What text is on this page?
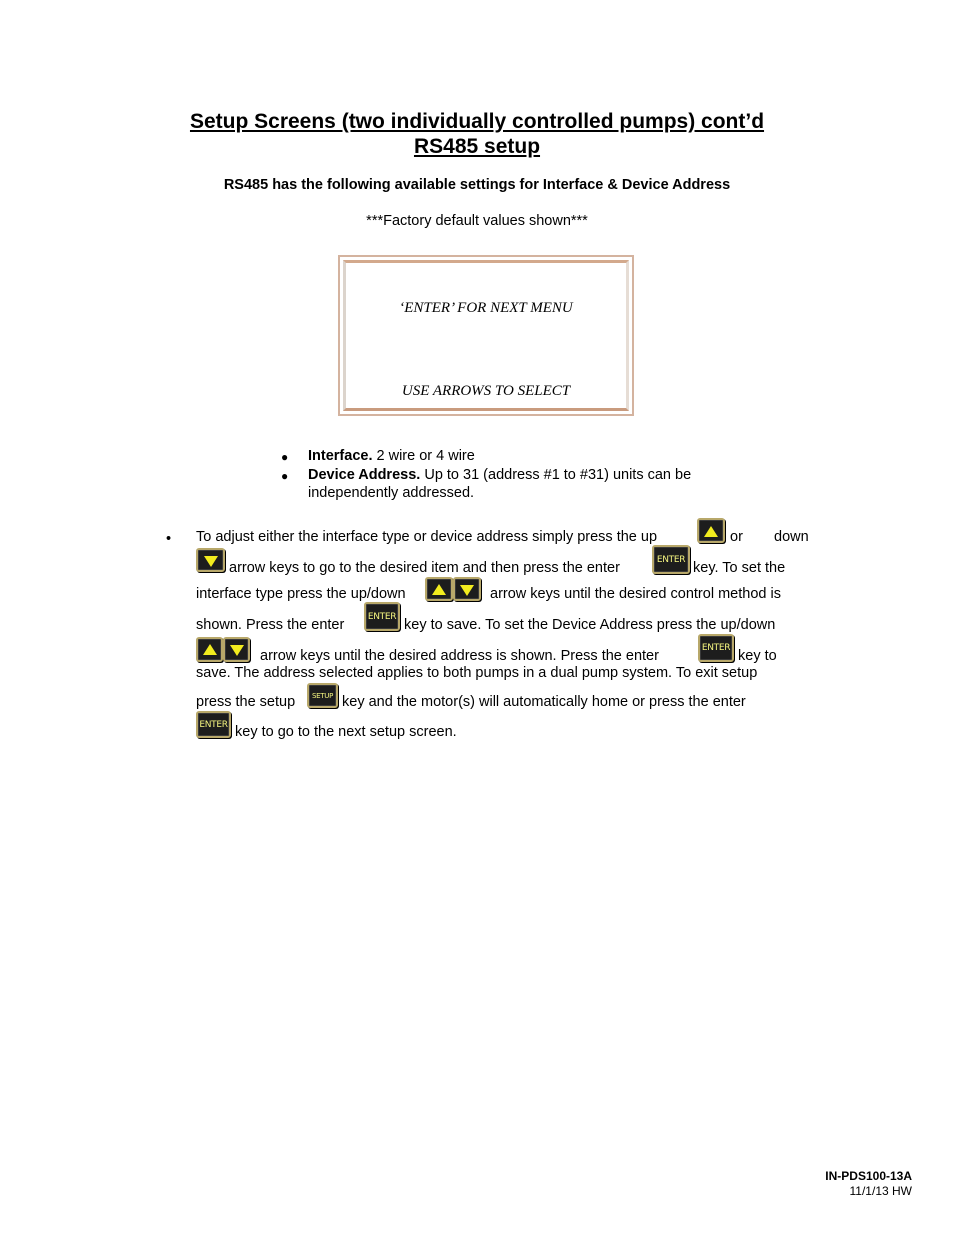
Setup Screens (two individually controlled pumps) cont’d
RS485 setup
RS485 has the following available settings for Interface & Device Address
***Factory default values shown***
‘ENTER’ FOR NEXT MENU
USE ARROWS TO SELECT
● Interface. 2 wire or 4 wire
● Device Address. Up to 31 (address #1 to #31) units can be
independently addressed.
• To adjust either the interface type or device address simply press the up	or down
arrow keys to go to the desired item and then press the enter
ENTER
key. To set the
interface type press the up/down	arrow keys until the desired control method is
shown. Press the enter
ENTER
key to save. To set the Device Address press the up/down
arrow keys until the desired address is shown. Press the enter	ENTER key to
save. The address selected applies to both pumps in a dual pump system. To exit setup
press the setup	SETUP key and the motor(s) will automatically home or press the enter
ENTER key to go to the next setup screen.
IN-PDS100-13A
11/1/13 HW
